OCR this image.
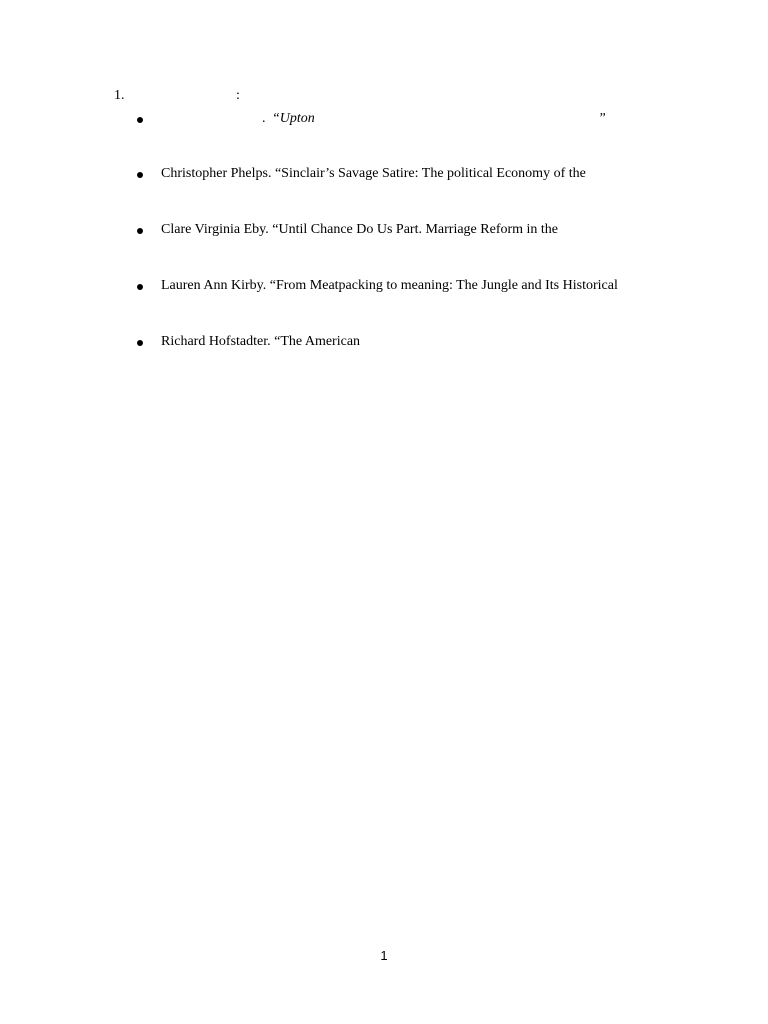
1.	:
. “Upton	”
Christopher Phelps. “Sinclair’s Savage Satire: The political Economy of the
Clare Virginia Eby. “Until Chance Do Us Part. Marriage Reform in the
Lauren Ann Kirby. “From Meatpacking to meaning: The Jungle and Its Historical
Richard Hofstadter. “The American
1
